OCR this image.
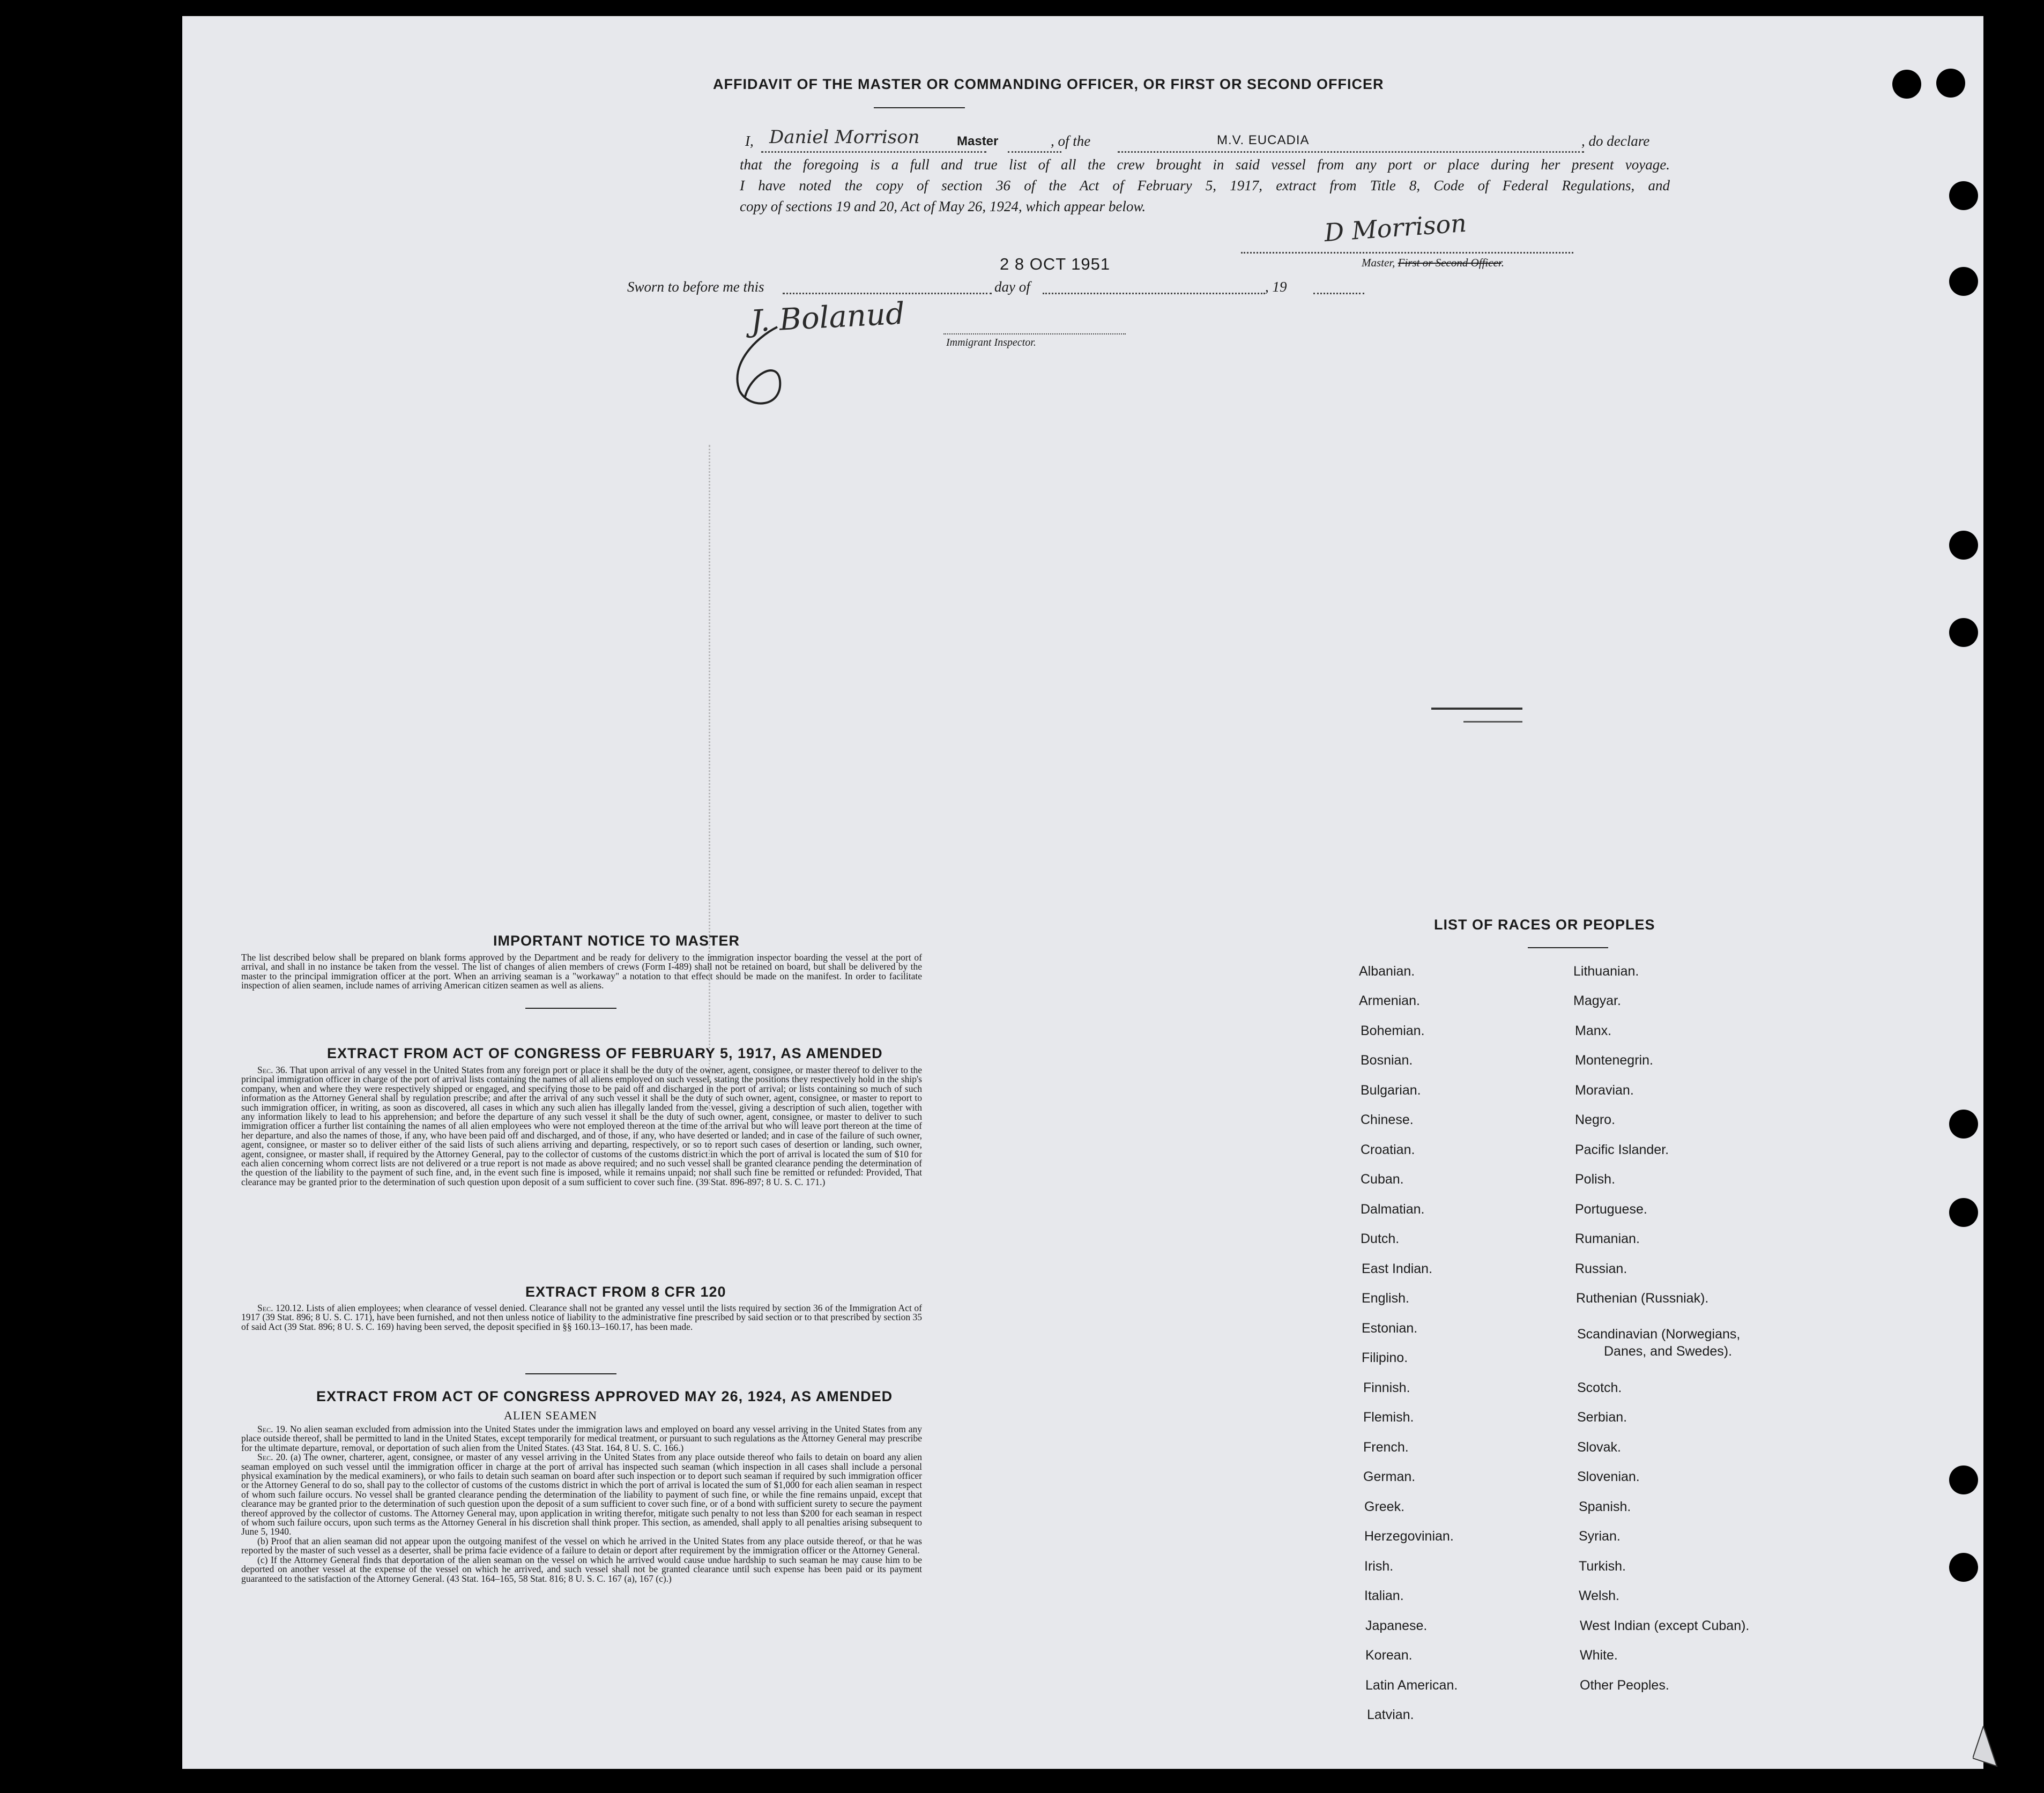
AFFIDAVIT OF THE MASTER OR COMMANDING OFFICER, OR FIRST OR SECOND OFFICER
I, Daniel Morrison	Master	, of the	M.V. EUCADIA	, do declare
that the foregoing is a full and true list of all the crew brought in said vessel from any port or place during her present voyage.
I have noted the copy of section 36 of the Act of February 5, 1917, extract from Title 8, Code of Federal Regulations, and
copy of sections 19 and 20, Act of May 26, 1924, which appear below.
D Morrison
Master, First or Second Officer.
2 8 OCT 1951
Sworn to before me this	day of	, 19
J. Bolanud
Immigrant Inspector.
IMPORTANT NOTICE TO MASTER
The list described below shall be prepared on blank forms approved by the Department and be ready for delivery to the immigration inspector boarding the vessel at the port of arrival, and shall in no instance be taken from the vessel. The list of changes of alien members of crews (Form I-489) shall not be retained on board, but shall be delivered by the master to the principal immigration officer at the port. When an arriving seaman is a "workaway" a notation to that effect should be made on the manifest. In order to facilitate inspection of alien seamen, include names of arriving American citizen seamen as well as aliens.
EXTRACT FROM ACT OF CONGRESS OF FEBRUARY 5, 1917, AS AMENDED
Sec. 36. That upon arrival of any vessel in the United States from any foreign port or place it shall be the duty of the owner, agent, consignee, or master thereof to deliver to the principal immigration officer in charge of the port of arrival lists containing the names of all aliens employed on such vessel, stating the positions they respectively hold in the ship's company, when and where they were respectively shipped or engaged, and specifying those to be paid off and discharged in the port of arrival; or lists containing so much of such information as the Attorney General shall by regulation prescribe; and after the arrival of any such vessel it shall be the duty of such owner, agent, consignee, or master to report to such immigration officer, in writing, as soon as discovered, all cases in which any such alien has illegally landed from the vessel, giving a description of such alien, together with any information likely to lead to his apprehension; and before the departure of any such vessel it shall be the duty of such owner, agent, consignee, or master to deliver to such immigration officer a further list containing the names of all alien employees who were not employed thereon at the time of the arrival but who will leave port thereon at the time of her departure, and also the names of those, if any, who have been paid off and discharged, and of those, if any, who have deserted or landed; and in case of the failure of such owner, agent, consignee, or master so to deliver either of the said lists of such aliens arriving and departing, respectively, or so to report such cases of desertion or landing, such owner, agent, consignee, or master shall, if required by the Attorney General, pay to the collector of customs of the customs district in which the port of arrival is located the sum of $10 for each alien concerning whom correct lists are not delivered or a true report is not made as above required; and no such vessel shall be granted clearance pending the determination of the question of the liability to the payment of such fine, and, in the event such fine is imposed, while it remains unpaid; nor shall such fine be remitted or refunded: Provided, That clearance may be granted prior to the determination of such question upon deposit of a sum sufficient to cover such fine. (39 Stat. 896-897; 8 U. S. C. 171.)
EXTRACT FROM 8 CFR 120
Sec. 120.12. Lists of alien employees; when clearance of vessel denied. Clearance shall not be granted any vessel until the lists required by section 36 of the Immigration Act of 1917 (39 Stat. 896; 8 U. S. C. 171), have been furnished, and not then unless notice of liability to the administrative fine prescribed by said section or to that prescribed by section 35 of said Act (39 Stat. 896; 8 U. S. C. 169) having been served, the deposit specified in §§ 160.13–160.17, has been made.
EXTRACT FROM ACT OF CONGRESS APPROVED MAY 26, 1924, AS AMENDED
ALIEN SEAMEN
Sec. 19. No alien seaman excluded from admission into the United States under the immigration laws and employed on board any vessel arriving in the United States from any place outside thereof, shall be permitted to land in the United States, except temporarily for medical treatment, or pursuant to such regulations as the Attorney General may prescribe for the ultimate departure, removal, or deportation of such alien from the United States. (43 Stat. 164, 8 U. S. C. 166.)
Sec. 20. (a) The owner, charterer, agent, consignee, or master of any vessel arriving in the United States from any place outside thereof who fails to detain on board any alien seaman employed on such vessel until the immigration officer in charge at the port of arrival has inspected such seaman (which inspection in all cases shall include a personal physical examination by the medical examiners), or who fails to detain such seaman on board after such inspection or to deport such seaman if required by such immigration officer or the Attorney General to do so, shall pay to the collector of customs of the customs district in which the port of arrival is located the sum of $1,000 for each alien seaman in respect of whom such failure occurs. No vessel shall be granted clearance pending the determination of the liability to payment of such fine, or while the fine remains unpaid, except that clearance may be granted prior to the determination of such question upon the deposit of a sum sufficient to cover such fine, or of a bond with sufficient surety to secure the payment thereof approved by the collector of customs. The Attorney General may, upon application in writing therefor, mitigate such penalty to not less than $200 for each seaman in respect of whom such failure occurs, upon such terms as the Attorney General in his discretion shall think proper. This section, as amended, shall apply to all penalties arising subsequent to June 5, 1940.
(b) Proof that an alien seaman did not appear upon the outgoing manifest of the vessel on which he arrived in the United States from any place outside thereof, or that he was reported by the master of such vessel as a deserter, shall be prima facie evidence of a failure to detain or deport after requirement by the immigration officer or the Attorney General.
(c) If the Attorney General finds that deportation of the alien seaman on the vessel on which he arrived would cause undue hardship to such seaman he may cause him to be deported on another vessel at the expense of the vessel on which he arrived, and such vessel shall not be granted clearance until such expense has been paid or its payment guaranteed to the satisfaction of the Attorney General. (43 Stat. 164–165, 58 Stat. 816; 8 U. S. C. 167 (a), 167 (c).)
LIST OF RACES OR PEOPLES
Albanian.
Armenian.
Bohemian.
Bosnian.
Bulgarian.
Chinese.
Croatian.
Cuban.
Dalmatian.
Dutch.
East Indian.
English.
Estonian.
Filipino.
Finnish.
Flemish.
French.
German.
Greek.
Herzegovinian.
Irish.
Italian.
Japanese.
Korean.
Latin American.
Latvian.
Lithuanian.
Magyar.
Manx.
Montenegrin.
Moravian.
Negro.
Pacific Islander.
Polish.
Portuguese.
Rumanian.
Russian.
Ruthenian (Russniak).
Scandinavian (Norwegians,
Danes, and Swedes).
Scotch.
Serbian.
Slovak.
Slovenian.
Spanish.
Syrian.
Turkish.
Welsh.
West Indian (except Cuban).
White.
Other Peoples.
